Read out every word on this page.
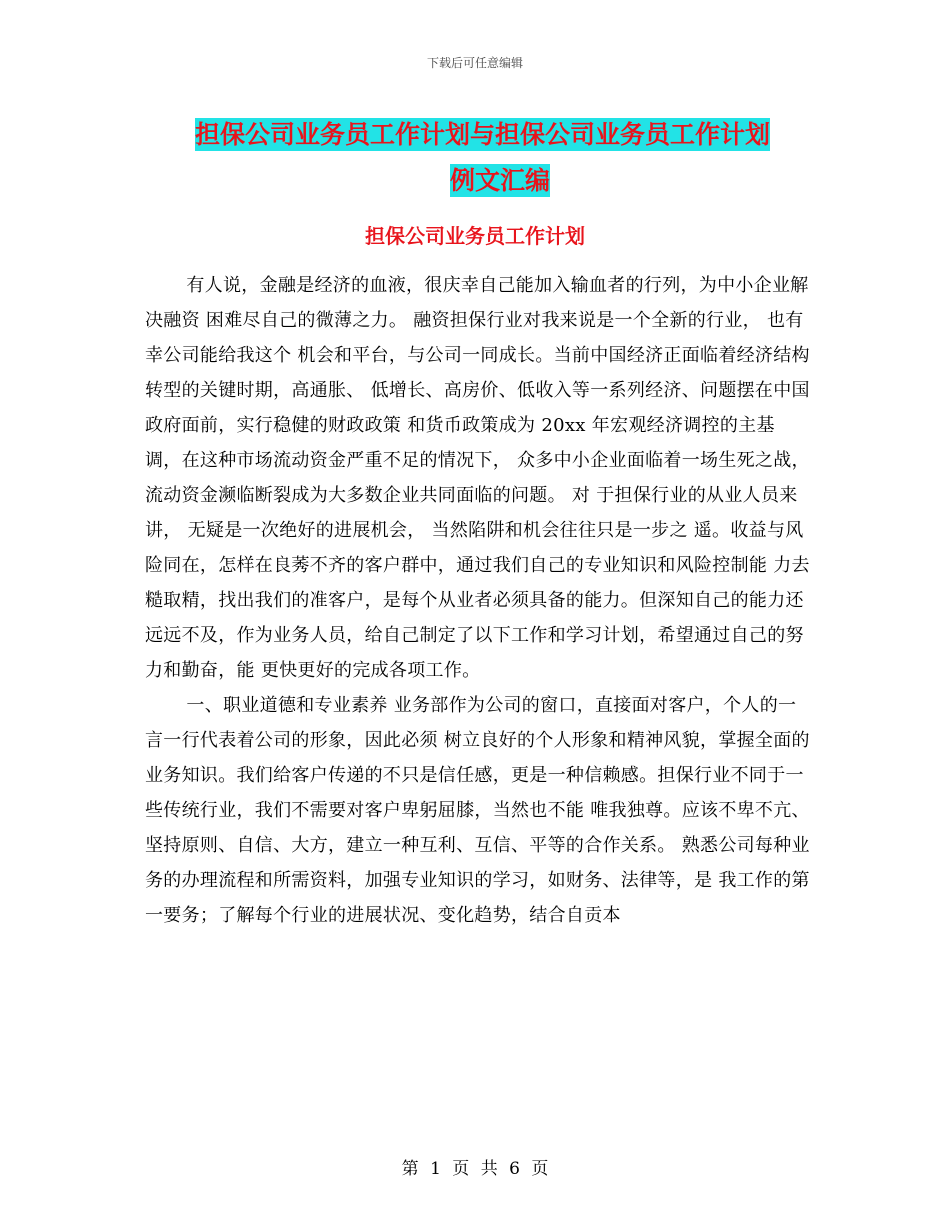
下载后可任意编辑
担保公司业务员工作计划与担保公司业务员工作计划
例文汇编
担保公司业务员工作计划

有人说，金融是经济的血液，很庆幸自己能加入输血者的行列，为中小企业解决融资 困难尽自己的微薄之力。 融资担保行业对我来说是一个全新的行业， 也有幸公司能给我这个 机会和平台，与公司一同成长。当前中国经济正面临着经济结构转型的关键时期，高通胀、 低增长、高房价、低收入等一系列经济、问题摆在中国政府面前，实行稳健的财政政策 和货币政策成为 20xx 年宏观经济调控的主基调，在这种市场流动资金严重不足的情况下， 众多中小企业面临着一场生死之战， 流动资金濒临断裂成为大多数企业共同面临的问题。 对 于担保行业的从业人员来讲， 无疑是一次绝好的进展机会， 当然陷阱和机会往往只是一步之 遥。收益与风险同在，怎样在良莠不齐的客户群中，通过我们自己的专业知识和风险控制能 力去糙取精，找出我们的准客户，是每个从业者必须具备的能力。但深知自己的能力还远远不及，作为业务人员，给自己制定了以下工作和学习计划，希望通过自己的努力和勤奋，能 更快更好的完成各项工作。

一、职业道德和专业素养 业务部作为公司的窗口，直接面对客户，个人的一言一行代表着公司的形象，因此必须 树立良好的个人形象和精神风貌，掌握全面的业务知识。我们给客户传递的不只是信任感，更是一种信赖感。担保行业不同于一些传统行业，我们不需要对客户卑躬屈膝，当然也不能 唯我独尊。应该不卑不亢、坚持原则、自信、大方，建立一种互利、互信、平等的合作关系。 熟悉公司每种业务的办理流程和所需资料，加强专业知识的学习，如财务、法律等，是 我工作的第一要务；了解每个行业的进展状况、变化趋势，结合自贡本

第 1 页 共 6 页
